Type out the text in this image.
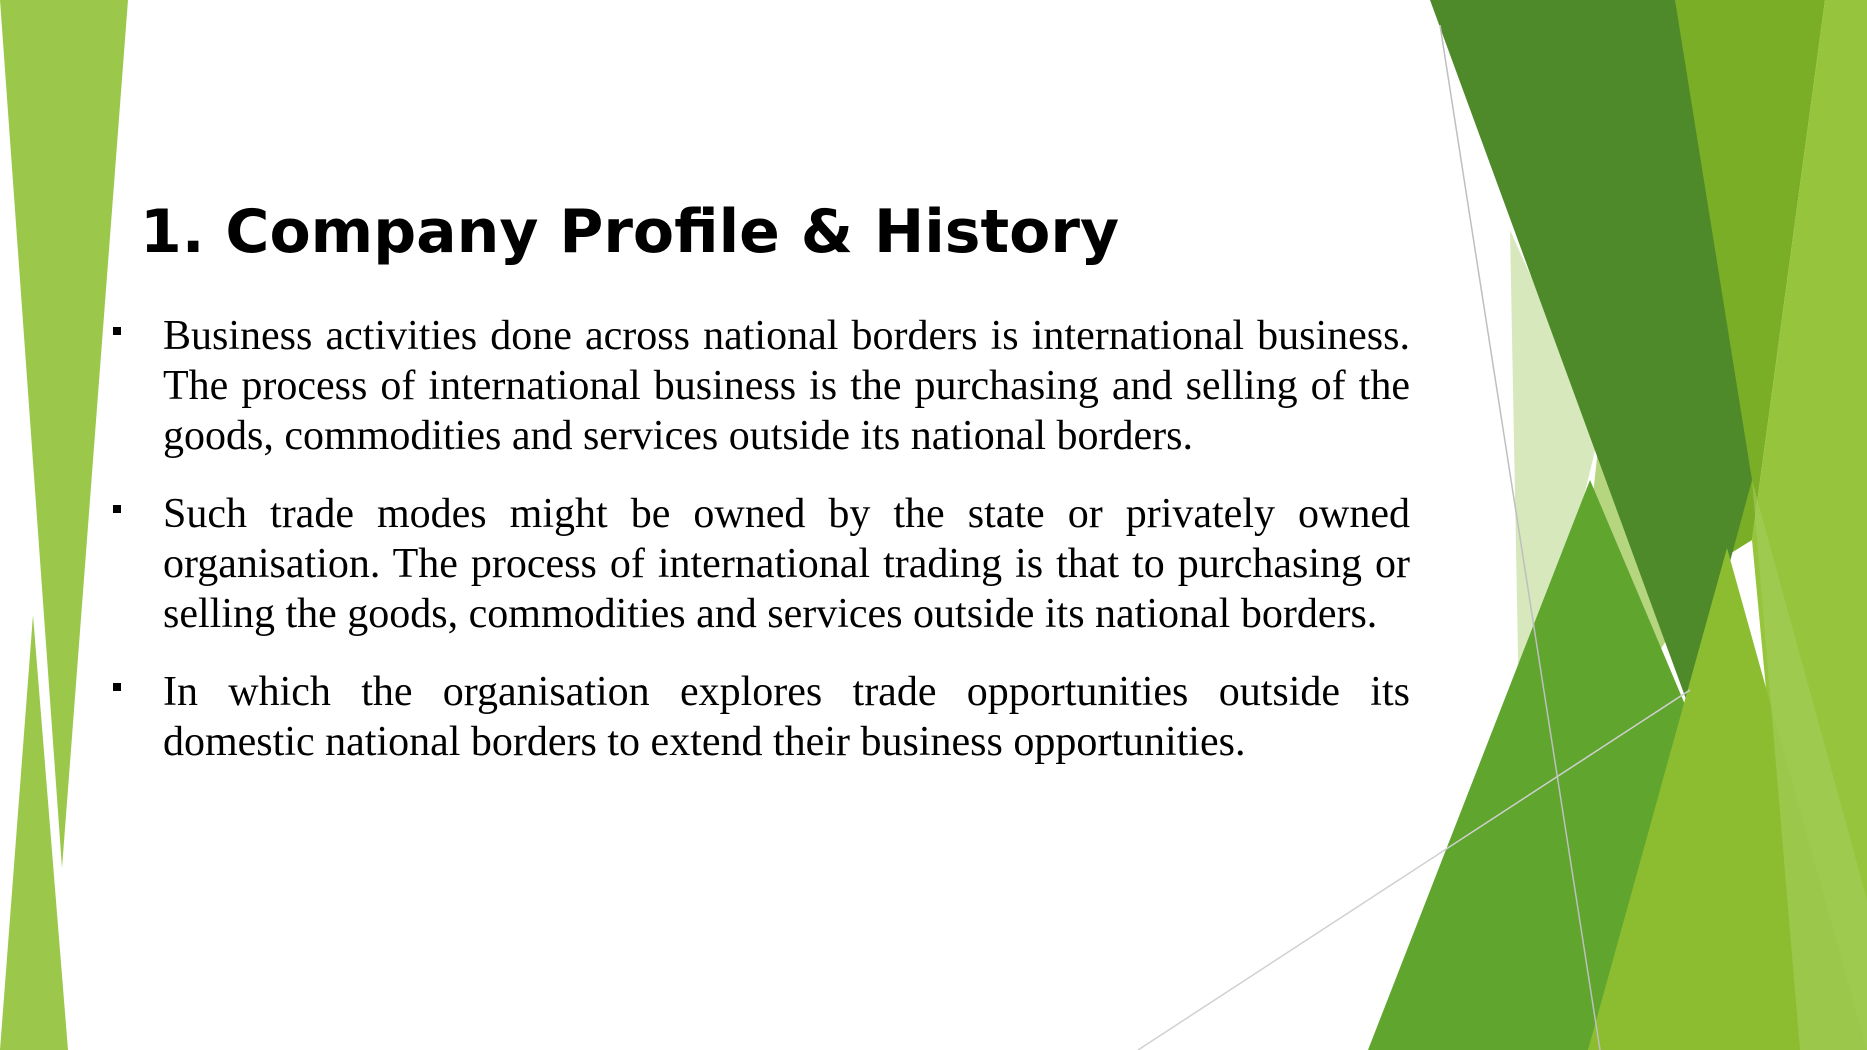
1. Company Profile & History
Business activities done across national borders is international business. The process of international business is the purchasing and selling of the goods, commodities and services outside its national borders.
Such trade modes might be owned by the state or privately owned organisation. The process of international trading is that to purchasing or selling the goods, commodities and services outside its national borders.
In which the organisation explores trade opportunities outside its domestic national borders to extend their business opportunities.
